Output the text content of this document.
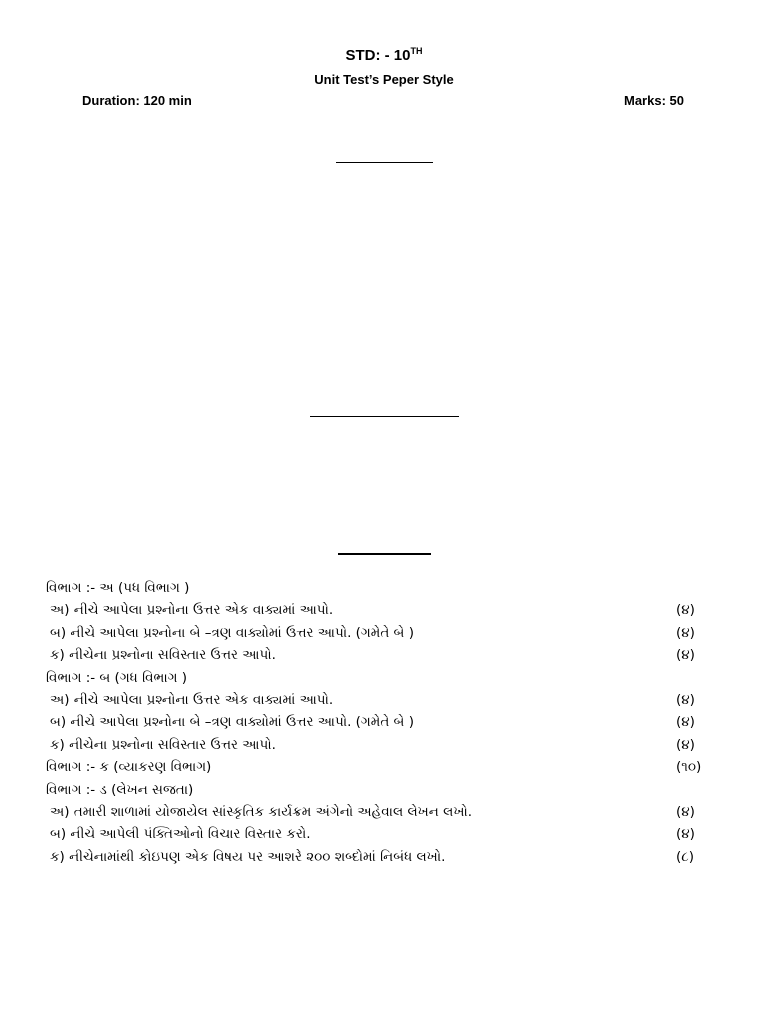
STD: - 10TH
Unit Test’s Peper Style
Duration: 120 min	Marks: 50
વિભાગ :- અ (પધ વિભાગ )
અ) નીચે આપેલા પ્રશ્નોના ઉત્તર એક વાક્યમાં આપો.	(૪)
બ) નીચે આપેલા પ્રશ્નોના બે –ત્રણ વાક્યોમાં ઉત્તર આપો. (ગમેતે બે )	(૪)
ક) નીચેના પ્રશ્નોના સવિસ્તાર ઉત્તર આપો.	(૪)
વિભાગ :- બ (ગધ વિભાગ )
અ) નીચે આપેલા પ્રશ્નોના ઉત્તર એક વાક્યમાં આપો.	(૪)
બ) નીચે આપેલા પ્રશ્નોના બે –ત્રણ વાક્યોમાં ઉત્તર આપો. (ગમેતે બે )	(૪)
ક) નીચેના પ્રશ્નોના સવિસ્તાર ઉત્તર આપો.	(૪)
વિભાગ :- ક (વ્યાકરણ વિભાગ)	(૧૦)
વિભાગ :- ડ (લેખન સજતા)
અ) તમારી શાળામાં યોજાયેલ સાંસ્કૃતિક કાર્યક્રમ અંગેનો અહેવાલ લેખન લખો.	(૪)
બ) નીચે આપેલી પંક્તિઓનો વિચાર વિસ્તાર કરો.	(૪)
ક) નીચેનામાંથી કોઇપણ એક વિષય પર આશરે ૨૦૦ શબ્દોમાં નિબંધ લખો.	(૮)
